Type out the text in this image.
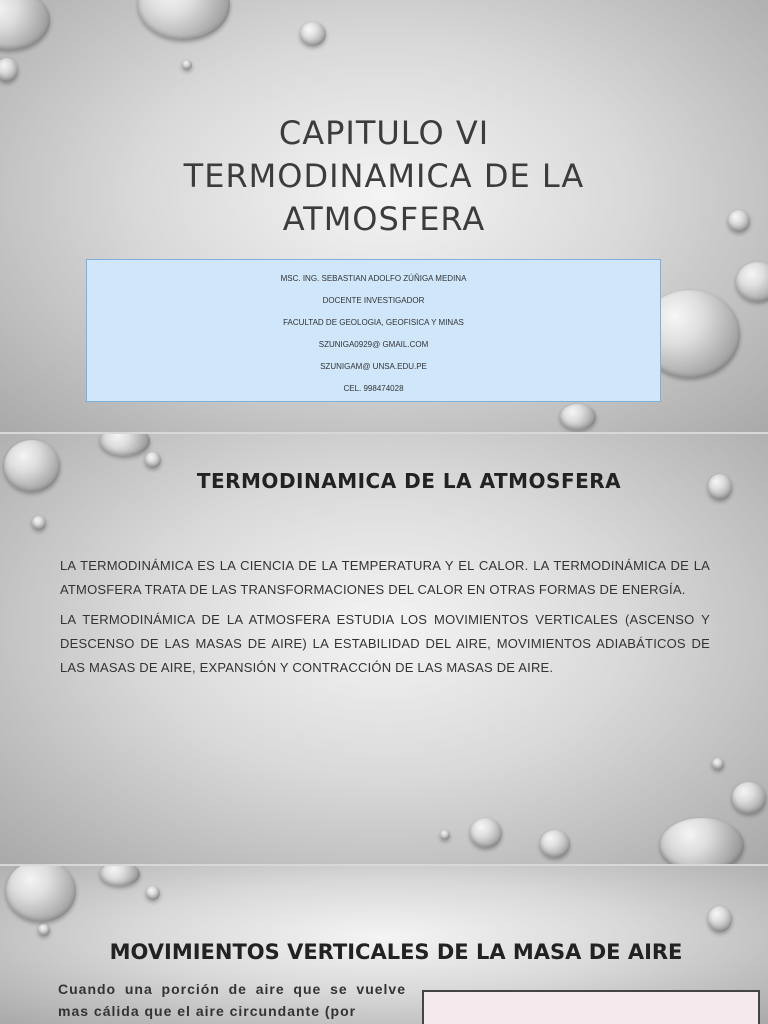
CAPITULO VI
TERMODINAMICA DE LA
ATMOSFERA
MSC. ING. SEBASTIAN ADOLFO ZÚÑIGA MEDINA
DOCENTE INVESTIGADOR
FACULTAD DE GEOLOGIA, GEOFISICA Y MINAS
SZUNIGA0929@ GMAIL.COM
SZUNIGAM@ UNSA.EDU.PE
CEL. 998474028
TERMODINAMICA DE LA ATMOSFERA

LA TERMODINÁMICA ES LA CIENCIA DE LA TEMPERATURA Y EL CALOR. LA TERMODINÁMICA DE LA ATMOSFERA TRATA DE LAS TRANSFORMACIONES DEL CALOR EN OTRAS FORMAS DE ENERGÍA.

LA TERMODINÁMICA DE LA ATMOSFERA ESTUDIA LOS MOVIMIENTOS VERTICALES (ASCENSO Y DESCENSO DE LAS MASAS DE AIRE) LA ESTABILIDAD DEL AIRE, MOVIMIENTOS ADIABÁTICOS DE LAS MASAS DE AIRE, EXPANSIÓN Y CONTRACCIÓN DE LAS MASAS DE AIRE.

MOVIMIENTOS VERTICALES DE LA MASA DE AIRE
Cuando una porción de aire que se vuelve mas cálida que el aire circundante (por
